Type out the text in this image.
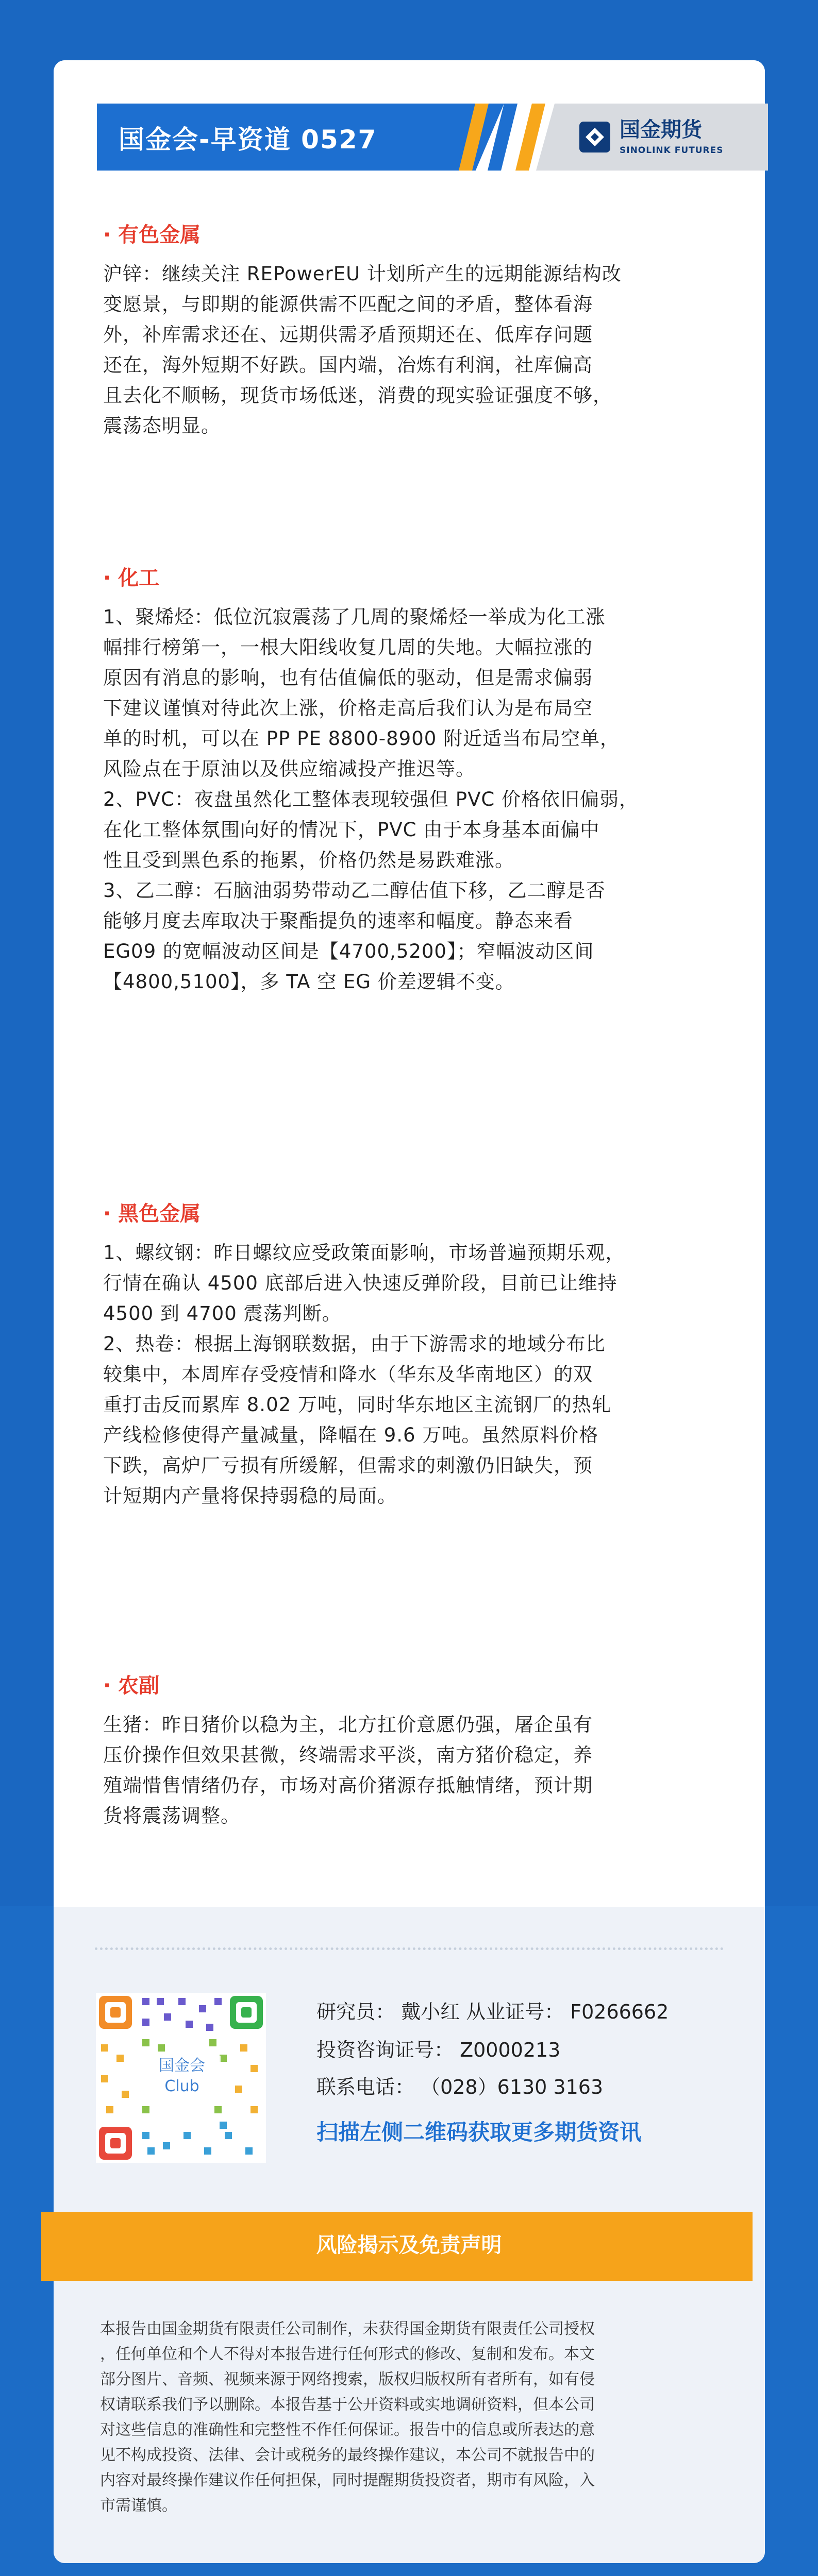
国金会-早资道 0527	国金期货
SINOLINK FUTURES
· 有色金属
沪锌：继续关注 REPowerEU 计划所产生的远期能源结构改
变愿景，与即期的能源供需不匹配之间的矛盾，整体看海
外，补库需求还在、远期供需矛盾预期还在、低库存问题
还在，海外短期不好跌。国内端，冶炼有利润，社库偏高
且去化不顺畅，现货市场低迷，消费的现实验证强度不够，
震荡态明显。
· 化工
1、聚烯烃：低位沉寂震荡了几周的聚烯烃一举成为化工涨
幅排行榜第一，一根大阳线收复几周的失地。大幅拉涨的
原因有消息的影响，也有估值偏低的驱动，但是需求偏弱
下建议谨慎对待此次上涨，价格走高后我们认为是布局空
单的时机，可以在 PP PE 8800-8900 附近适当布局空单，
风险点在于原油以及供应缩减投产推迟等。
2、PVC：夜盘虽然化工整体表现较强但 PVC 价格依旧偏弱，
在化工整体氛围向好的情况下，PVC 由于本身基本面偏中
性且受到黑色系的拖累，价格仍然是易跌难涨。
3、乙二醇：石脑油弱势带动乙二醇估值下移，乙二醇是否
能够月度去库取决于聚酯提负的速率和幅度。静态来看
EG09 的宽幅波动区间是【4700,5200】；窄幅波动区间
【4800,5100】，多 TA 空 EG 价差逻辑不变。
· 黑色金属
1、螺纹钢：昨日螺纹应受政策面影响，市场普遍预期乐观，
行情在确认 4500 底部后进入快速反弹阶段，目前已让维持
4500 到 4700 震荡判断。
2、热卷：根据上海钢联数据，由于下游需求的地域分布比
较集中，本周库存受疫情和降水（华东及华南地区）的双
重打击反而累库 8.02 万吨，同时华东地区主流钢厂的热轧
产线检修使得产量减量，降幅在 9.6 万吨。虽然原料价格
下跌，高炉厂亏损有所缓解，但需求的刺激仍旧缺失，预
计短期内产量将保持弱稳的局面。
· 农副
生猪：昨日猪价以稳为主，北方扛价意愿仍强，屠企虽有
压价操作但效果甚微，终端需求平淡，南方猪价稳定，养
殖端惜售情绪仍存，市场对高价猪源存抵触情绪，预计期
货将震荡调整。
国金会
Club
研究员： 戴小红 从业证号： F0266662
投资咨询证号： Z0000213
联系电话： （028）6130 3163
扫描左侧二维码获取更多期货资讯
风险揭示及免责声明
本报告由国金期货有限责任公司制作，未获得国金期货有限责任公司授权
，任何单位和个人不得对本报告进行任何形式的修改、复制和发布。本文
部分图片、音频、视频来源于网络搜索，版权归版权所有者所有，如有侵
权请联系我们予以删除。本报告基于公开资料或实地调研资料，但本公司
对这些信息的准确性和完整性不作任何保证。报告中的信息或所表达的意
见不构成投资、法律、会计或税务的最终操作建议，本公司不就报告中的
内容对最终操作建议作任何担保，同时提醒期货投资者，期市有风险，入
市需谨慎。
